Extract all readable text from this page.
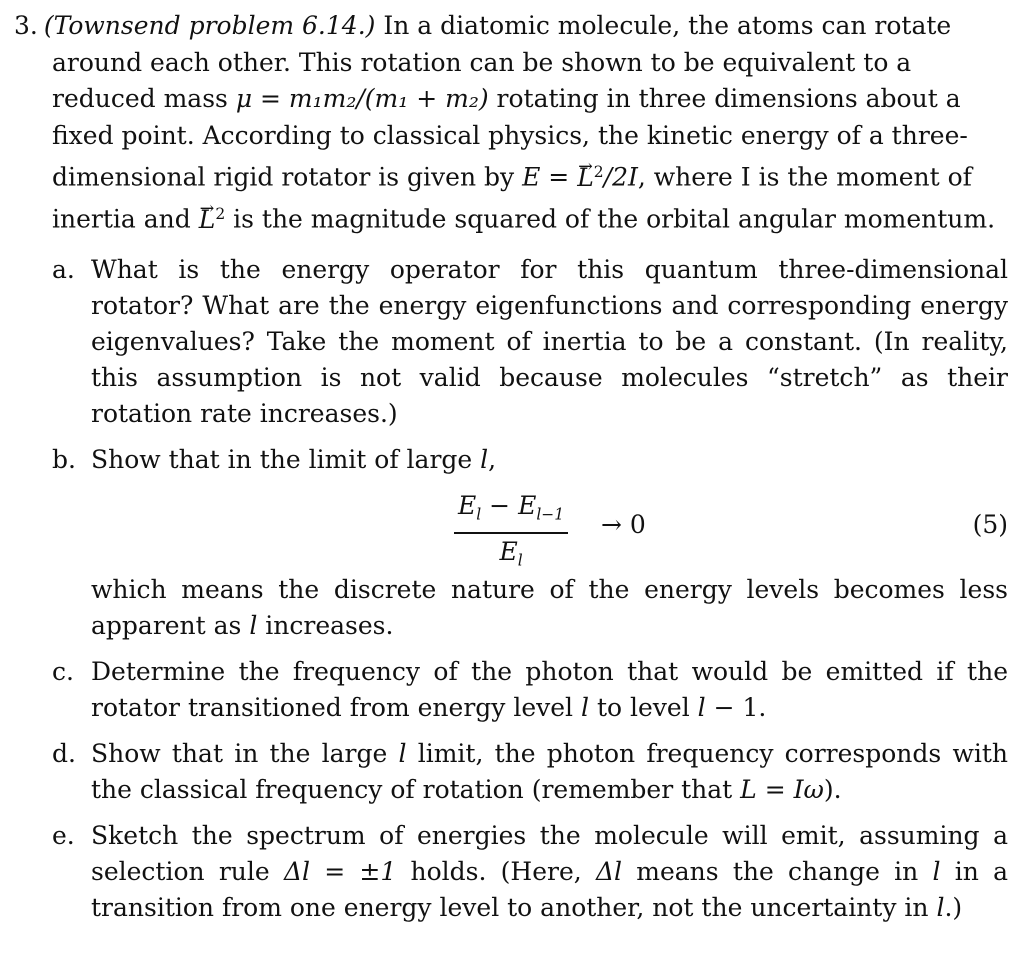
3. (Townsend problem 6.14.) In a diatomic molecule, the atoms can rotate
around each other. This rotation can be shown to be equivalent to a
reduced mass μ = m₁m₂/(m₁ + m₂) rotating in three dimensions about a
fixed point. According to classical physics, the kinetic energy of a three-
dimensional rigid rotator is given by E = L →$^2$/2I, where I is the moment of
inertia and L →$^2$ is the magnitude squared of the orbital angular momentum.
a. What is the energy operator for this quantum three-dimensional rotator? What are the energy eigenfunctions and corresponding energy eigenvalues? Take the moment of inertia to be a constant. (In reality, this assumption is not valid because molecules “stretch” as their rotation rate increases.)
b. Show that in the limit of large l,
$E_l - E_{l-1}$
$E_l$
→ 0	(5)
which means the discrete nature of the energy levels becomes less apparent as l increases.
c. Determine the frequency of the photon that would be emitted if the rotator transitioned from energy level l to level l − 1.
d. Show that in the large l limit, the photon frequency corresponds with the classical frequency of rotation (remember that L = Iω).
e. Sketch the spectrum of energies the molecule will emit, assuming a selection rule Δl = ±1 holds. (Here, Δl means the change in l in a transition from one energy level to another, not the uncertainty in l.)
